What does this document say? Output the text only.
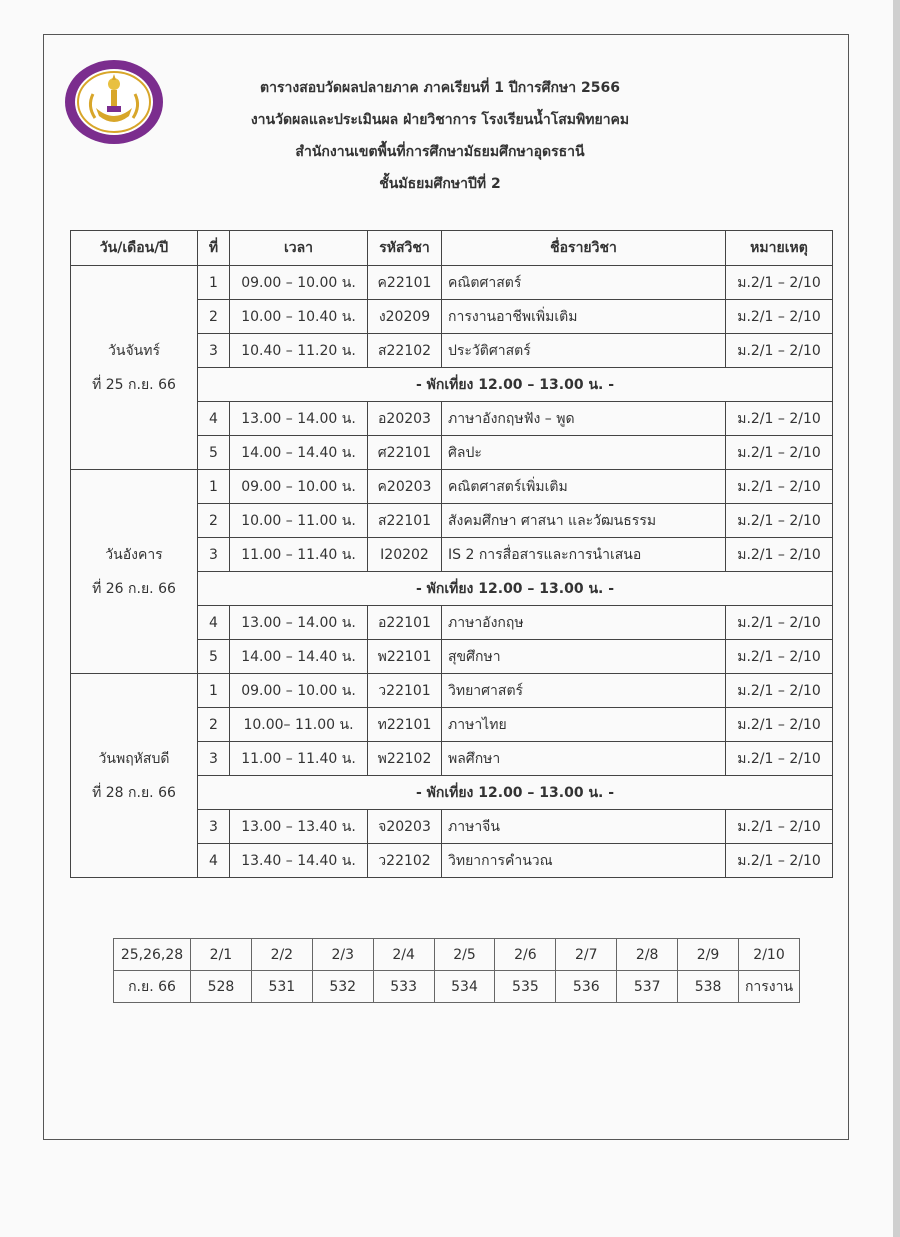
ตารางสอบวัดผลปลายภาค ภาคเรียนที่ 1 ปีการศึกษา 2566
งานวัดผลและประเมินผล ฝ่ายวิชาการ โรงเรียนน้ำโสมพิทยาคม
สำนักงานเขตพื้นที่การศึกษามัธยมศึกษาอุดรธานี
ชั้นมัธยมศึกษาปีที่ 2
วัน/เดือน/ปี	ที่	เวลา	รหัสวิชา	ชื่อรายวิชา	หมายเหตุ

วันจันทร์
ที่ 25 ก.ย. 66	1	09.00 – 10.00 น.	ค22101	คณิตศาสตร์	ม.2/1 – 2/10
	2	10.00 – 10.40 น.	ง20209	การงานอาชีพเพิ่มเติม	ม.2/1 – 2/10
	3	10.40 – 11.20 น.	ส22102	ประวัติศาสตร์	ม.2/1 – 2/10
	- พักเที่ยง 12.00 – 13.00 น. -				
	4	13.00 – 14.00 น.	อ20203	ภาษาอังกฤษฟัง – พูด	ม.2/1 – 2/10
	5	14.00 – 14.40 น.	ศ22101	ศิลปะ	ม.2/1 – 2/10

วันอังคาร
ที่ 26 ก.ย. 66	1	09.00 – 10.00 น.	ค20203	คณิตศาสตร์เพิ่มเติม	ม.2/1 – 2/10
	2	10.00 – 11.00 น.	ส22101	สังคมศึกษา ศาสนา และวัฒนธรรม	ม.2/1 – 2/10
	3	11.00 – 11.40 น.	I20202	IS 2 การสื่อสารและการนำเสนอ	ม.2/1 – 2/10
	- พักเที่ยง 12.00 – 13.00 น. -				
	4	13.00 – 14.00 น.	อ22101	ภาษาอังกฤษ	ม.2/1 – 2/10
	5	14.00 – 14.40 น.	พ22101	สุขศึกษา	ม.2/1 – 2/10

วันพฤหัสบดี
ที่ 28 ก.ย. 66	1	09.00 – 10.00 น.	ว22101	วิทยาศาสตร์	ม.2/1 – 2/10
	2	10.00– 11.00 น.	ท22101	ภาษาไทย	ม.2/1 – 2/10
	3	11.00 – 11.40 น.	พ22102	พลศึกษา	ม.2/1 – 2/10
	- พักเที่ยง 12.00 – 13.00 น. -				
	3	13.00 – 13.40 น.	จ20203	ภาษาจีน	ม.2/1 – 2/10
	4	13.40 – 14.40 น.	ว22102	วิทยาการคำนวณ	ม.2/1 – 2/10
25,26,28	2/1	2/2	2/3	2/4	2/5	2/6	2/7	2/8	2/9	2/10
ก.ย. 66	528	531	532	533	534	535	536	537	538	การงาน
